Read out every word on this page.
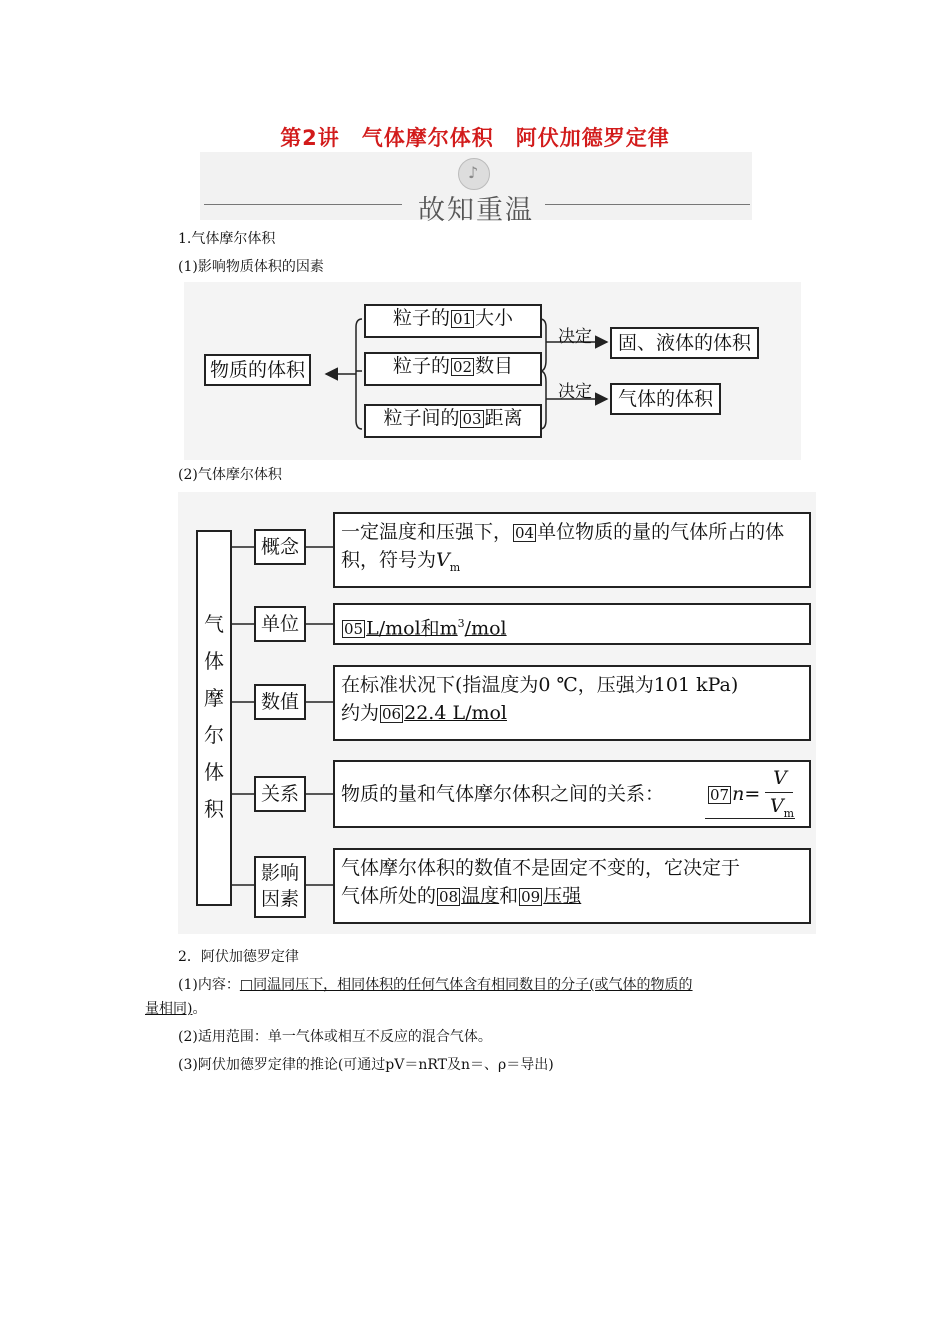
第2讲　气体摩尔体积　阿伏加德罗定律
♪
故知重温
1.气体摩尔体积
(1)影响物质体积的因素
物质的体积
粒子的 01 大小
粒子的 02 数目
粒子间的 03 距离
决定
决定
固、液体的体积
气体的体积
(2)气体摩尔体积
气
体
摩
尔
体
积
概念
单位
数值
关系
影响因素
一定温度和压强下， 04 单位物质的量的气体所占的体积，符号为$V_m$
05 L/mol和$m^3$/mol
在标准状况下(指温度为0 ℃，压强为101 kPa)
约为 06 22.4 L/mol
物质的量和气体摩尔体积之间的关系：	07 n=
V
$V_m$
气体摩尔体积的数值不是固定不变的，它决定于
气体所处的 08 温度和 09 压强
2．阿伏加德罗定律
(1)内容：□同温同压下，相同体积的任何气体含有相同数目的分子(或气体的物质的
量相同)。
(2)适用范围：单一气体或相互不反应的混合气体。
(3)阿伏加德罗定律的推论(可通过pV＝nRT及n＝、ρ＝导出)
